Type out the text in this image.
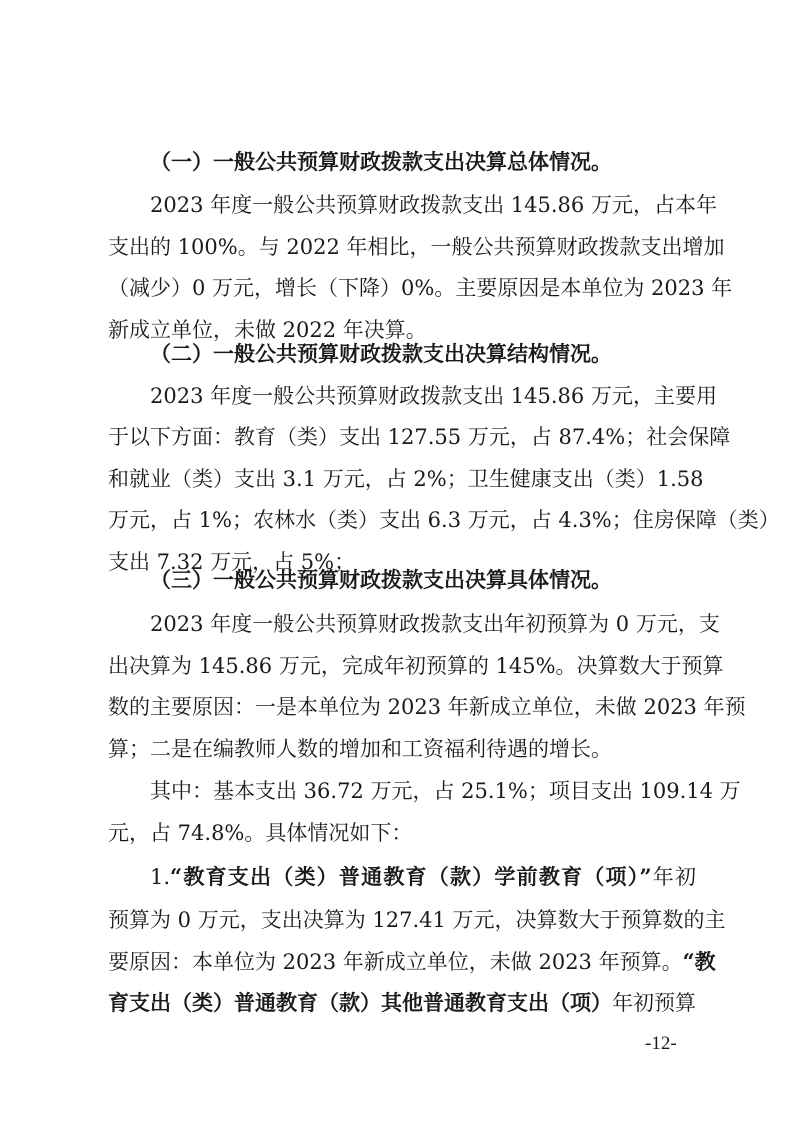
（一）一般公共预算财政拨款支出决算总体情况。
2023 年度一般公共预算财政拨款支出 145.86 万元，占本年
支出的 100%。与 2022 年相比，一般公共预算财政拨款支出增加
（减少）0 万元，增长（下降）0%。主要原因是本单位为 2023 年
新成立单位，未做 2022 年决算。
（二）一般公共预算财政拨款支出决算结构情况。
2023 年度一般公共预算财政拨款支出 145.86 万元，主要用
于以下方面：教育（类）支出 127.55 万元，占 87.4%；社会保障
和就业（类）支出 3.1 万元，占 2%；卫生健康支出（类）1.58
万元，占 1%；农林水（类）支出 6.3 万元，占 4.3%；住房保障（类）
支出 7.32 万元，占 5%；
（三）一般公共预算财政拨款支出决算具体情况。
2023 年度一般公共预算财政拨款支出年初预算为 0 万元，支
出决算为 145.86 万元，完成年初预算的 145%。决算数大于预算
数的主要原因：一是本单位为 2023 年新成立单位，未做 2023 年预
算；二是在编教师人数的增加和工资福利待遇的增长。
其中：基本支出 36.72 万元，占 25.1%；项目支出 109.14 万
元，占 74.8%。具体情况如下：
1.“教育支出（类）普通教育（款）学前教育（项）”年初
预算为 0 万元，支出决算为 127.41 万元，决算数大于预算数的主
要原因：本单位为 2023 年新成立单位，未做 2023 年预算。“教
育支出（类）普通教育（款）其他普通教育支出（项）年初预算
-12-
